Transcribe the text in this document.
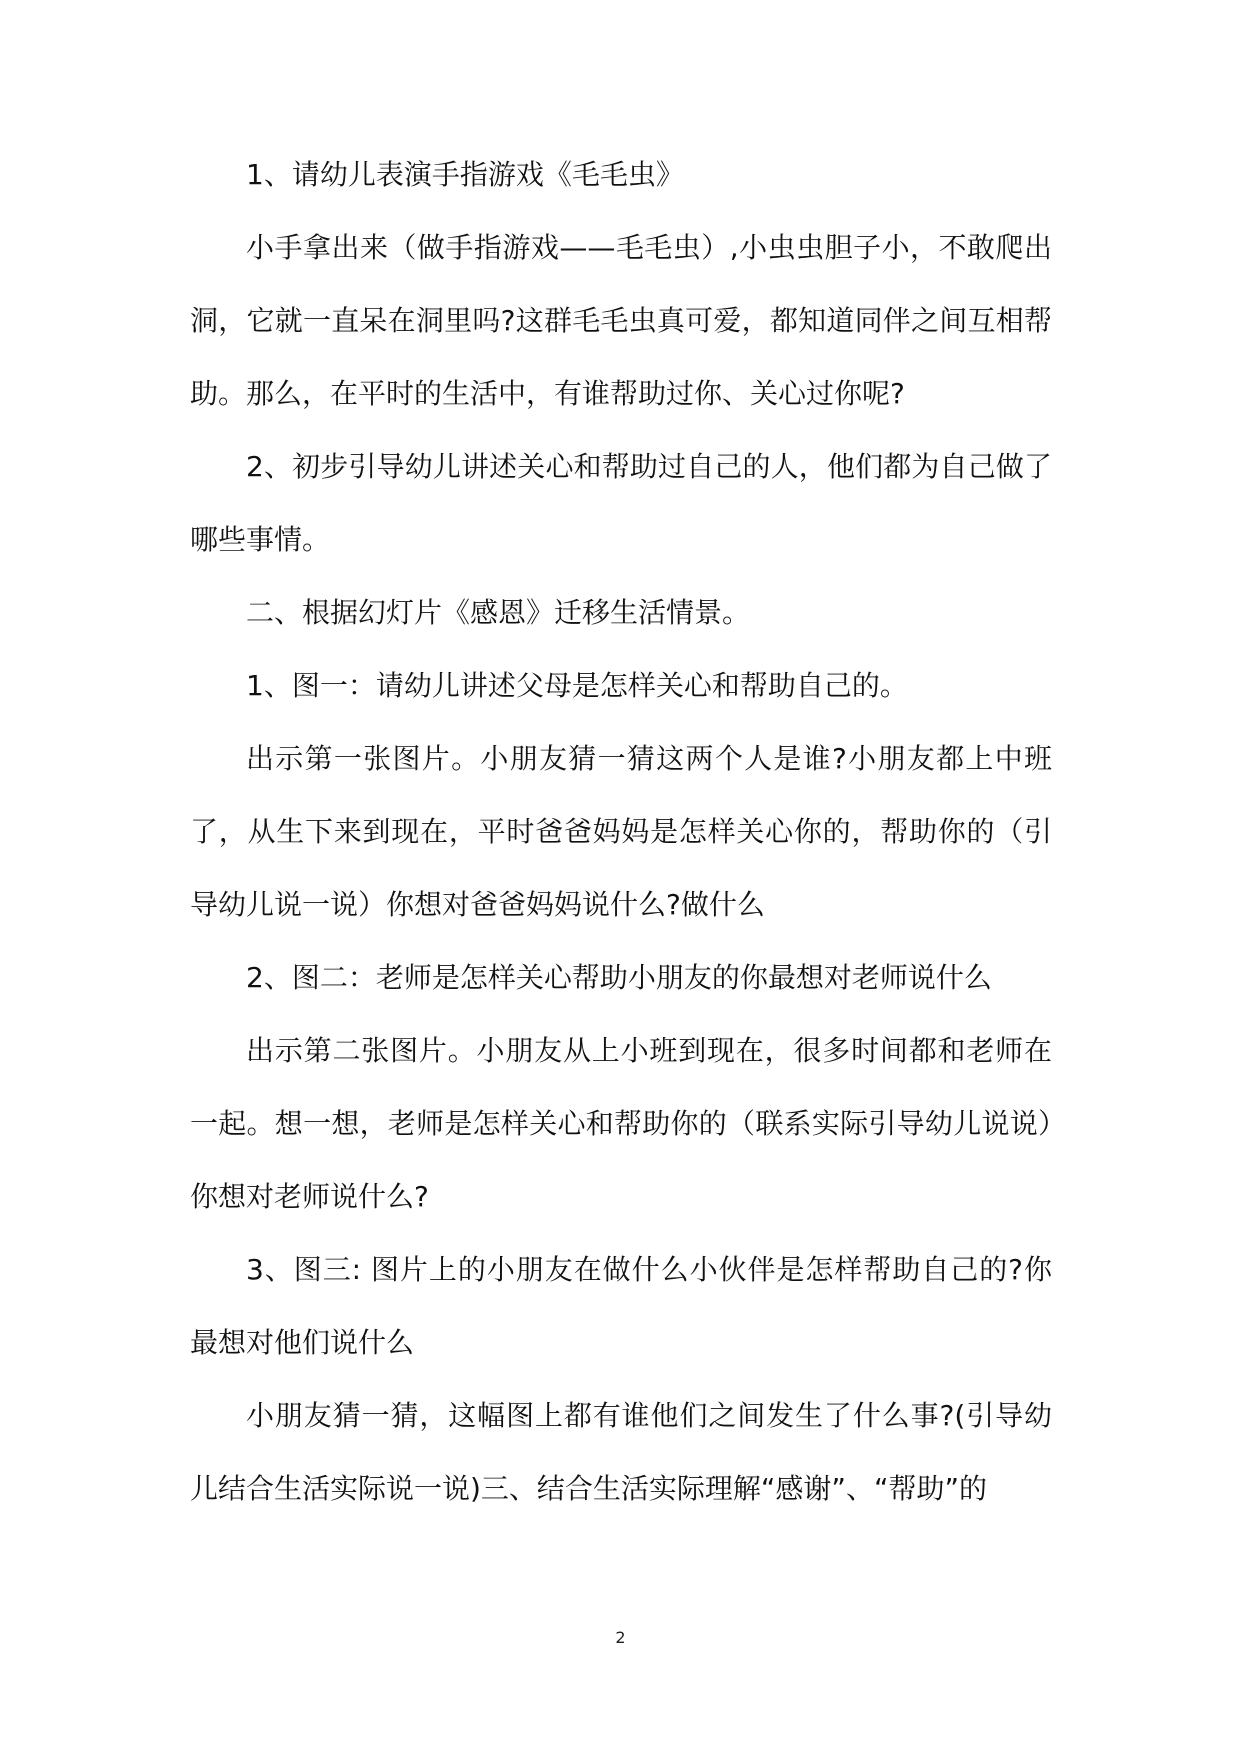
1、请幼儿表演手指游戏《毛毛虫》

小手拿出来（做手指游戏——毛毛虫）,小虫虫胆子小，不敢爬出洞，它就一直呆在洞里吗?这群毛毛虫真可爱，都知道同伴之间互相帮助。那么，在平时的生活中，有谁帮助过你、关心过你呢?

2、初步引导幼儿讲述关心和帮助过自己的人，他们都为自己做了哪些事情。

二、根据幻灯片《感恩》迁移生活情景。

1、图一：请幼儿讲述父母是怎样关心和帮助自己的。

出示第一张图片。小朋友猜一猜这两个人是谁?小朋友都上中班了，从生下来到现在，平时爸爸妈妈是怎样关心你的，帮助你的（引导幼儿说一说）你想对爸爸妈妈说什么?做什么

2、图二：老师是怎样关心帮助小朋友的你最想对老师说什么

出示第二张图片。小朋友从上小班到现在，很多时间都和老师在一起。想一想，老师是怎样关心和帮助你的（联系实际引导幼儿说说）你想对老师说什么?

3、图三: 图片上的小朋友在做什么小伙伴是怎样帮助自己的?你最想对他们说什么

小朋友猜一猜，这幅图上都有谁他们之间发生了什么事?(引导幼儿结合生活实际说一说)三、结合生活实际理解“感谢”、“帮助”的

2
